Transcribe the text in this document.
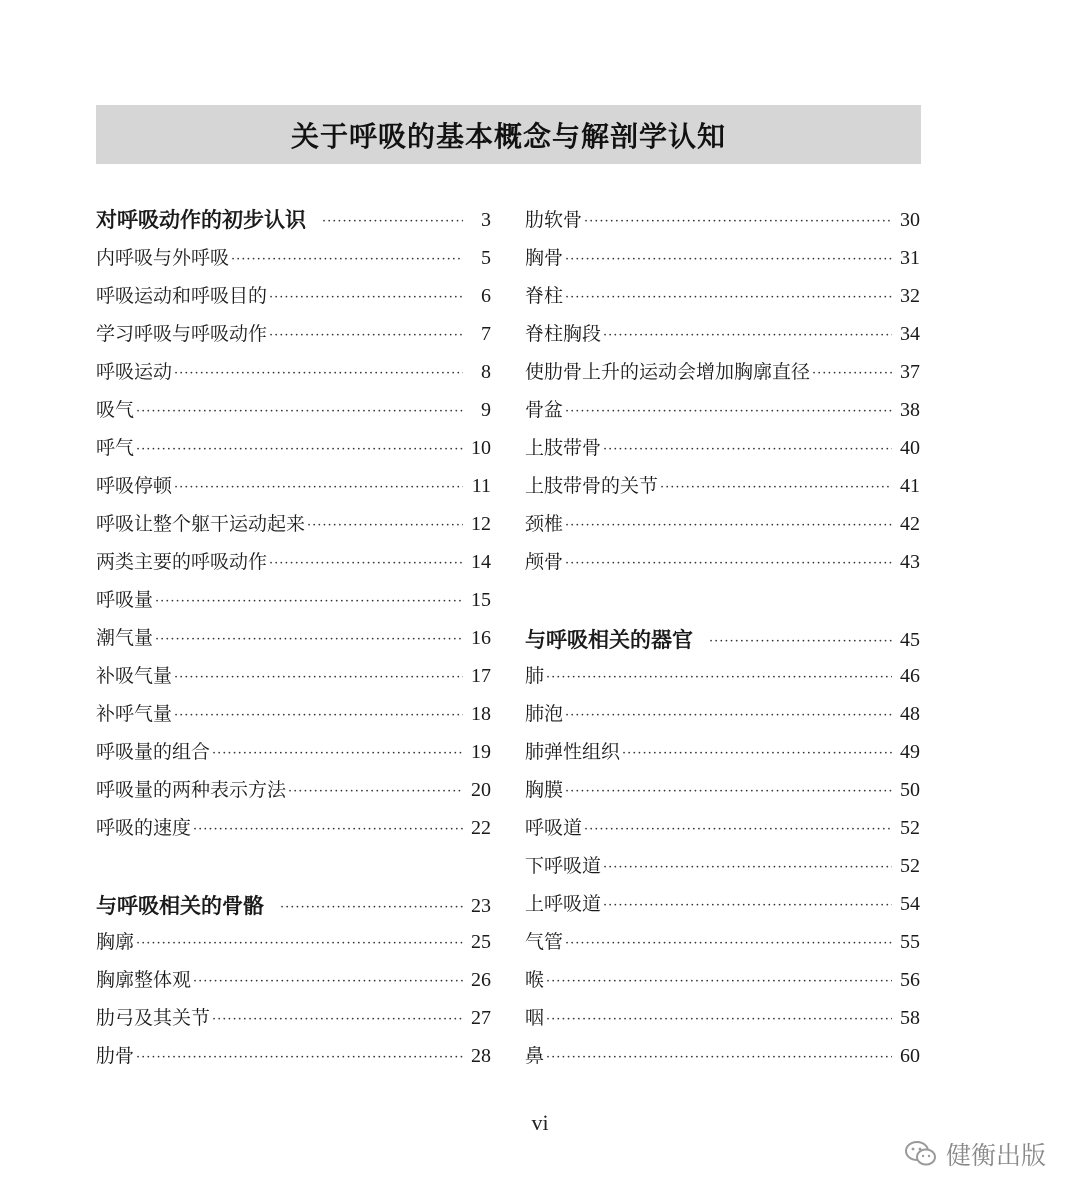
关于呼吸的基本概念与解剖学认知
对呼吸动作的初步认识 ·····	3
内呼吸与外呼吸 ·····	5
呼吸运动和呼吸目的 ·····	6
学习呼吸与呼吸动作 ·····	7
呼吸运动 ·····	8
吸气 ·····	9
呼气 ·····	10
呼吸停顿 ·····	11
呼吸让整个躯干运动起来 ·····	12
两类主要的呼吸动作 ·····	14
呼吸量 ·····	15
潮气量 ·····	16
补吸气量 ·····	17
补呼气量 ·····	18
呼吸量的组合 ·····	19
呼吸量的两种表示方法 ·····	20
呼吸的速度 ·····	22
与呼吸相关的骨骼 ·····	23
胸廓 ·····	25
胸廓整体观 ·····	26
肋弓及其关节 ·····	27
肋骨 ·····	28
肋软骨 ·····	30
胸骨 ·····	31
脊柱 ·····	32
脊柱胸段 ·····	34
使肋骨上升的运动会增加胸廓直径 ·····	37
骨盆 ·····	38
上肢带骨 ·····	40
上肢带骨的关节 ·····	41
颈椎 ·····	42
颅骨 ·····	43
与呼吸相关的器官 ·····	45
肺 ·····	46
肺泡 ·····	48
肺弹性组织 ·····	49
胸膜 ·····	50
呼吸道 ·····	52
下呼吸道 ·····	52
上呼吸道 ·····	54
气管 ·····	55
喉 ·····	56
咽 ·····	58
鼻 ·····	60
vi
健衡出版
